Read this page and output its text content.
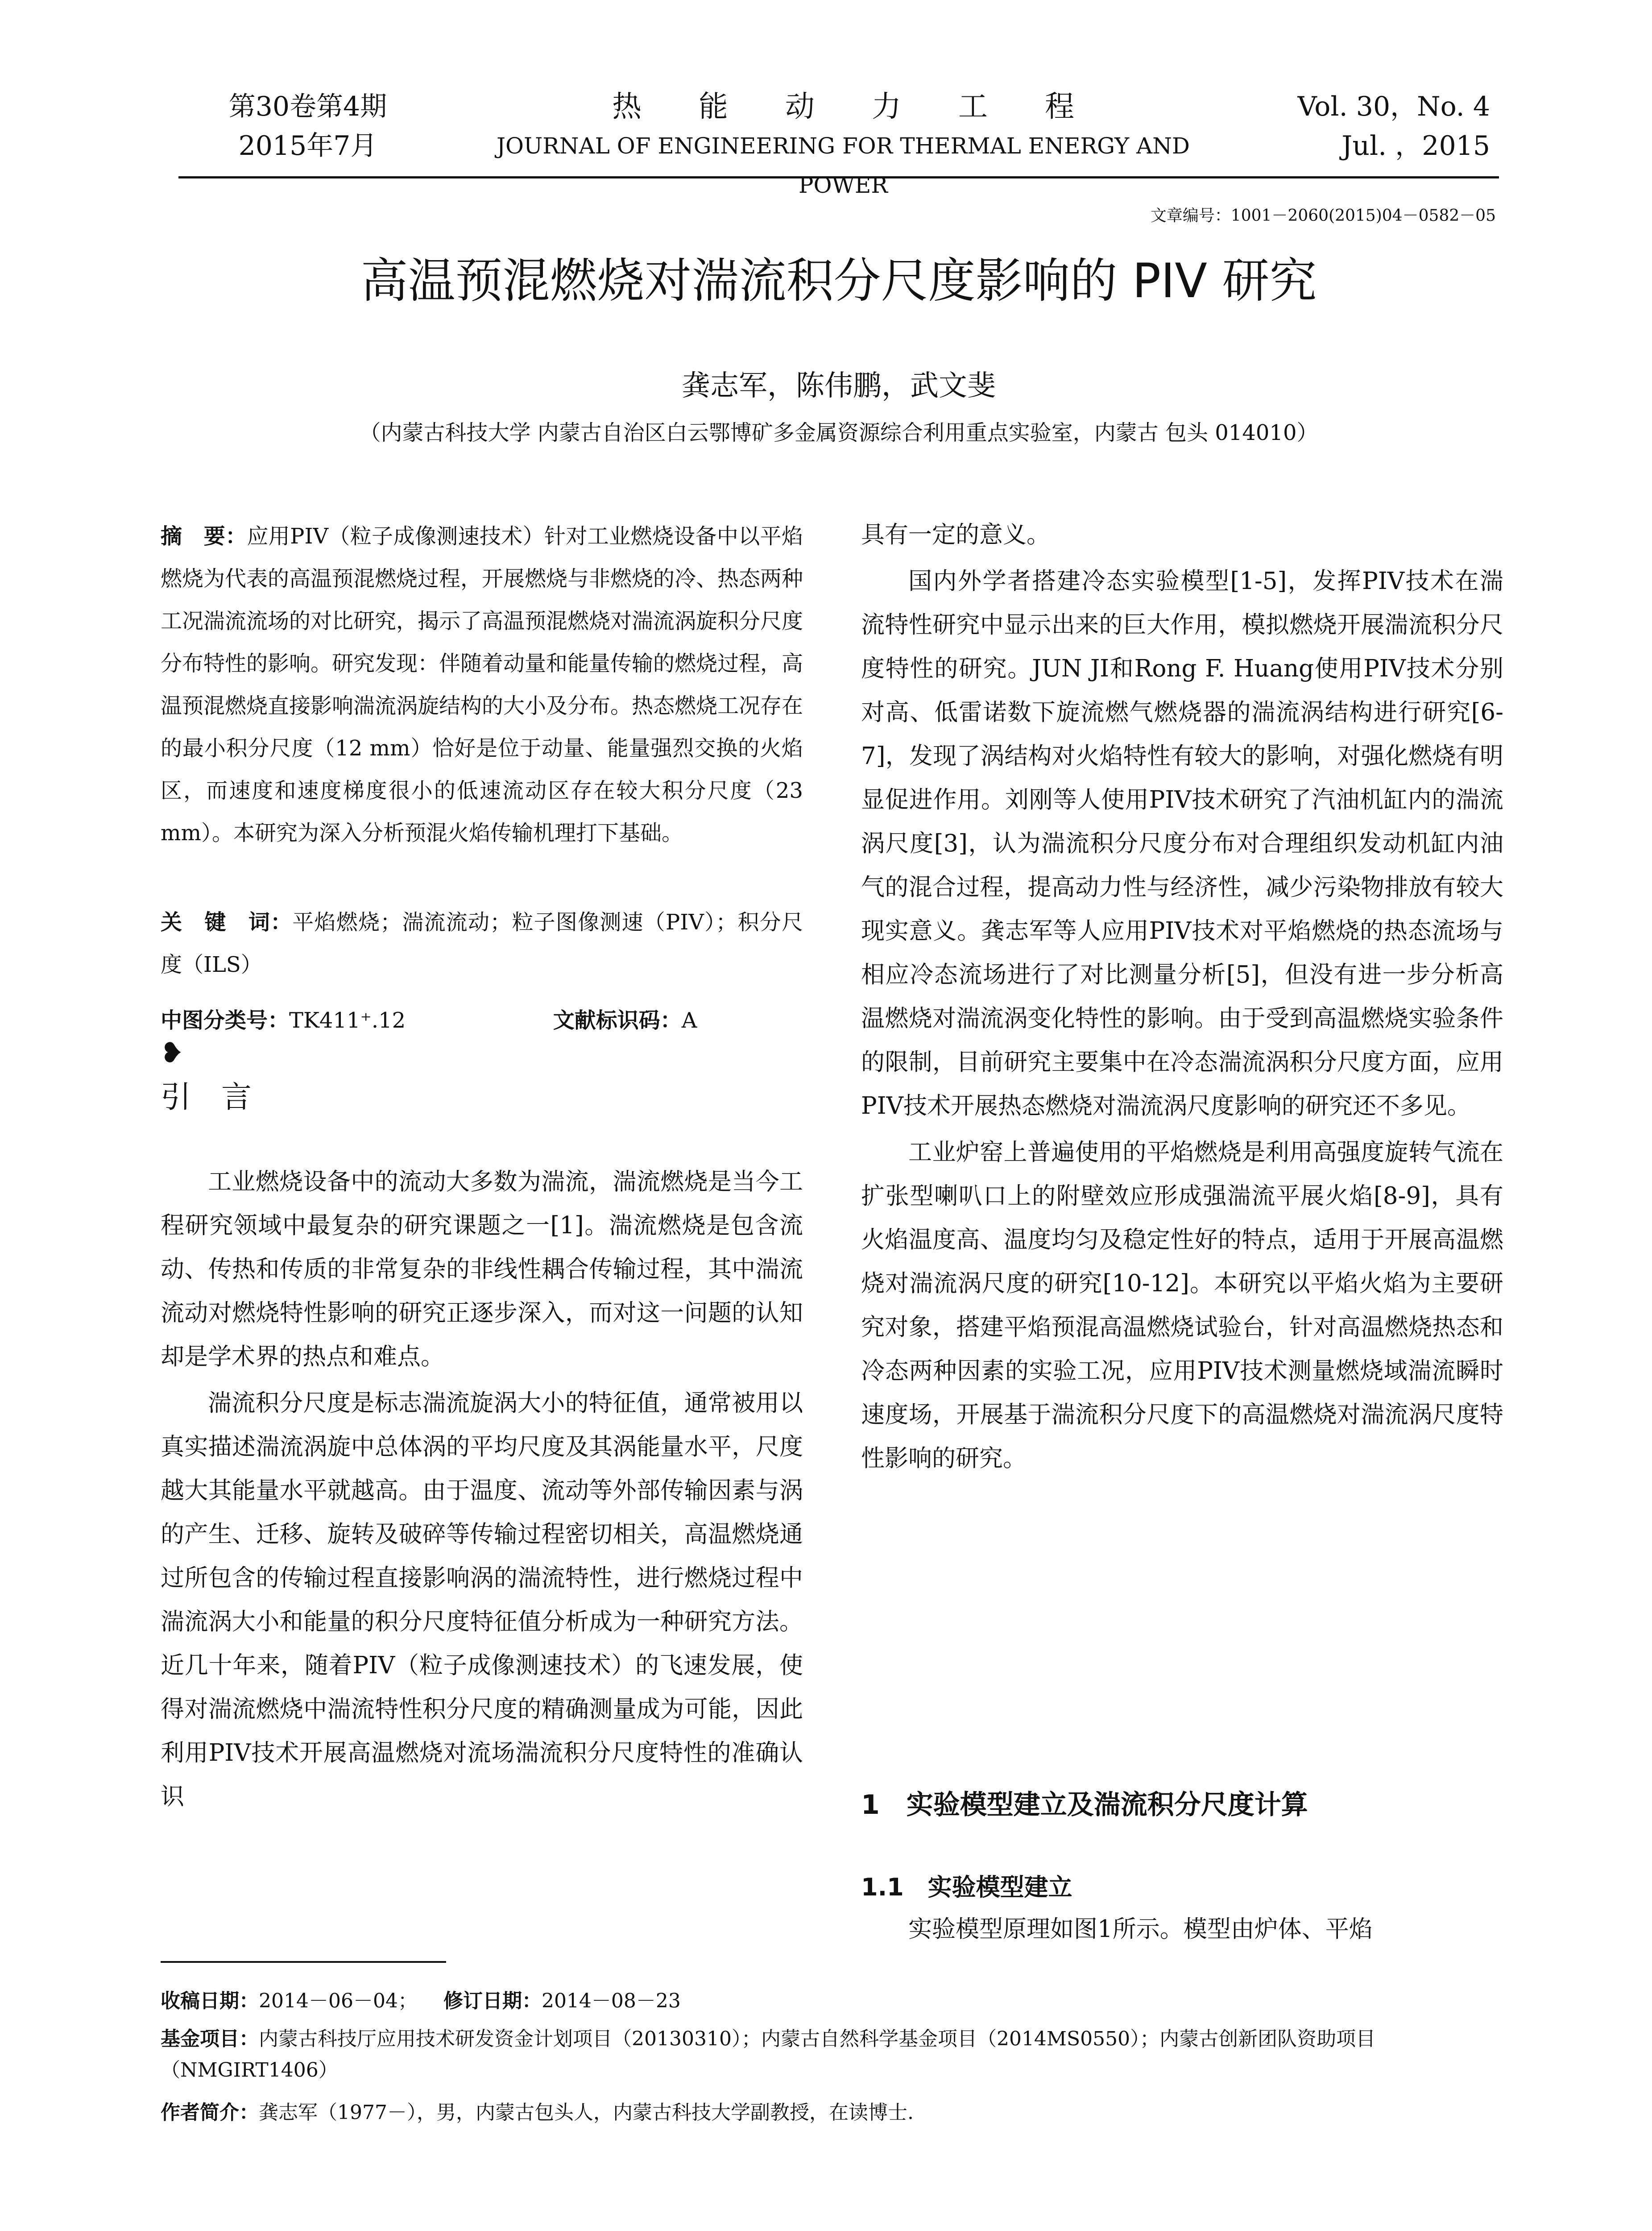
第30卷第4期
2015年7月
热能动力工程
JOURNAL OF ENGINEERING FOR THERMAL ENERGY AND POWER
Vol. 30，No. 4
Jul. ，2015
文章编号：1001－2060(2015)04－0582－05
高温预混燃烧对湍流积分尺度影响的 PIV 研究
龚志军，陈伟鹏，武文斐
（内蒙古科技大学 内蒙古自治区白云鄂博矿多金属资源综合利用重点实验室，内蒙古 包头 014010）
摘　要：应用PIV（粒子成像测速技术）针对工业燃烧设备中以平焰燃烧为代表的高温预混燃烧过程，开展燃烧与非燃烧的冷、热态两种工况湍流流场的对比研究，揭示了高温预混燃烧对湍流涡旋积分尺度分布特性的影响。研究发现：伴随着动量和能量传输的燃烧过程，高温预混燃烧直接影响湍流涡旋结构的大小及分布。热态燃烧工况存在的最小积分尺度（12 mm）恰好是位于动量、能量强烈交换的火焰区，而速度和速度梯度很小的低速流动区存在较大积分尺度（23 mm）。本研究为深入分析预混火焰传输机理打下基础。
关　键　词：平焰燃烧；湍流流动；粒子图像测速（PIV）；积分尺度（ILS）
中图分类号：TK411⁺.12	文献标识码：A
❥
引　言

工业燃烧设备中的流动大多数为湍流，湍流燃烧是当今工程研究领域中最复杂的研究课题之一[1]。湍流燃烧是包含流动、传热和传质的非常复杂的非线性耦合传输过程，其中湍流流动对燃烧特性影响的研究正逐步深入，而对这一问题的认知却是学术界的热点和难点。

湍流积分尺度是标志湍流旋涡大小的特征值，通常被用以真实描述湍流涡旋中总体涡的平均尺度及其涡能量水平，尺度越大其能量水平就越高。由于温度、流动等外部传输因素与涡的产生、迁移、旋转及破碎等传输过程密切相关，高温燃烧通过所包含的传输过程直接影响涡的湍流特性，进行燃烧过程中湍流涡大小和能量的积分尺度特征值分析成为一种研究方法。近几十年来，随着PIV（粒子成像测速技术）的飞速发展，使得对湍流燃烧中湍流特性积分尺度的精确测量成为可能，因此利用PIV技术开展高温燃烧对流场湍流积分尺度特性的准确认识

具有一定的意义。

国内外学者搭建冷态实验模型[1-5]，发挥PIV技术在湍流特性研究中显示出来的巨大作用，模拟燃烧开展湍流积分尺度特性的研究。JUN JI和Rong F. Huang使用PIV技术分别对高、低雷诺数下旋流燃气燃烧器的湍流涡结构进行研究[6-7]，发现了涡结构对火焰特性有较大的影响，对强化燃烧有明显促进作用。刘刚等人使用PIV技术研究了汽油机缸内的湍流涡尺度[3]，认为湍流积分尺度分布对合理组织发动机缸内油气的混合过程，提高动力性与经济性，减少污染物排放有较大现实意义。龚志军等人应用PIV技术对平焰燃烧的热态流场与相应冷态流场进行了对比测量分析[5]，但没有进一步分析高温燃烧对湍流涡变化特性的影响。由于受到高温燃烧实验条件的限制，目前研究主要集中在冷态湍流涡积分尺度方面，应用PIV技术开展热态燃烧对湍流涡尺度影响的研究还不多见。

工业炉窑上普遍使用的平焰燃烧是利用高强度旋转气流在扩张型喇叭口上的附壁效应形成强湍流平展火焰[8-9]，具有火焰温度高、温度均匀及稳定性好的特点，适用于开展高温燃烧对湍流涡尺度的研究[10-12]。本研究以平焰火焰为主要研究对象，搭建平焰预混高温燃烧试验台，针对高温燃烧热态和冷态两种因素的实验工况，应用PIV技术测量燃烧域湍流瞬时速度场，开展基于湍流积分尺度下的高温燃烧对湍流涡尺度特性影响的研究。

1　实验模型建立及湍流积分尺度计算
1.1　实验模型建立
实验模型原理如图1所示。模型由炉体、平焰
收稿日期：2014－06－04； 修订日期：2014－08－23
基金项目：内蒙古科技厅应用技术研发资金计划项目（20130310）；内蒙古自然科学基金项目（2014MS0550）；内蒙古创新团队资助项目（NMGIRT1406）
作者简介：龚志军（1977－），男，内蒙古包头人，内蒙古科技大学副教授，在读博士.
